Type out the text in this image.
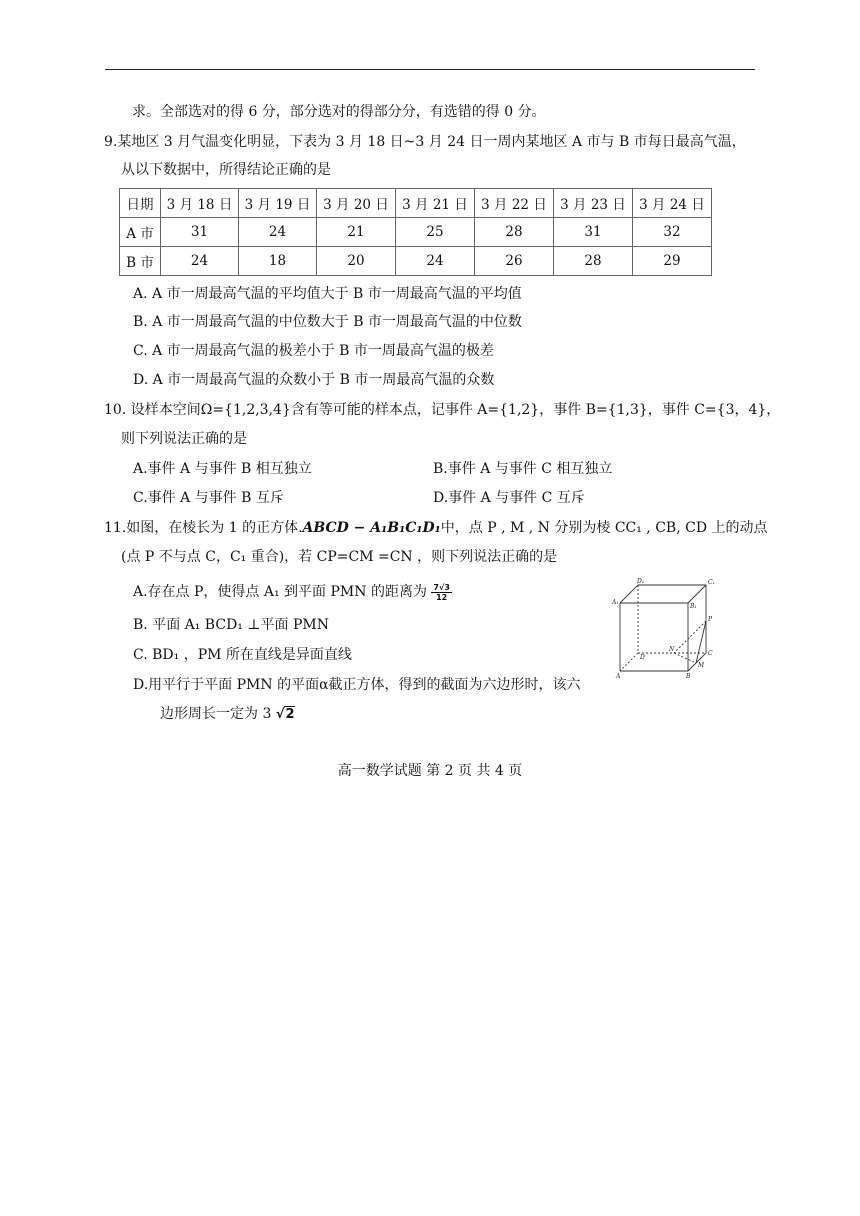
求。全部选对的得 6 分，部分选对的得部分分，有选错的得 0 分。
9.某地区 3 月气温变化明显，下表为 3 月 18 日~3 月 24 日一周内某地区 A 市与 B 市每日最高气温，
从以下数据中，所得结论正确的是
日期	3 月 18 日	3 月 19 日	3 月 20 日	3 月 21 日	3 月 22 日	3 月 23 日	3 月 24 日
A 市	31	24	21	25	28	31	32
B 市	24	18	20	24	26	28	29
A. A 市一周最高气温的平均值大于 B 市一周最高气温的平均值
B. A 市一周最高气温的中位数大于 B 市一周最高气温的中位数
C. A 市一周最高气温的极差小于 B 市一周最高气温的极差
D. A 市一周最高气温的众数小于 B 市一周最高气温的众数
10. 设样本空间Ω={1,2,3,4}含有等可能的样本点，记事件 A={1,2}，事件 B={1,3}，事件 C={3，4}，
则下列说法正确的是
A.事件 A 与事件 B 相互独立	B.事件 A 与事件 C 相互独立
C.事件 A 与事件 B 互斥	D.事件 A 与事件 C 互斥
11.如图，在棱长为 1 的正方体.ABCD − A₁B₁C₁D₁中，点 P , M , N 分别为棱 CC₁ , CB, CD 上的动点
(点 P 不与点 C，C₁ 重合)，若 CP=CM =CN ，则下列说法正确的是
A.存在点 P，使得点 A₁ 到平面 PMN 的距离为 $\frac{7√3}{12}$
B. 平面 A₁ BCD₁ ⊥平面 PMN
C. BD₁ ，PM 所在直线是异面直线
D.用平行于平面 PMN 的平面α截正方体，得到的截面为六边形时，该六
边形周长一定为 3 √2
D₁	C₁
A₁
B₁
P
N
D
C
M
A	B
高一数学试题 第 2 页 共 4 页
